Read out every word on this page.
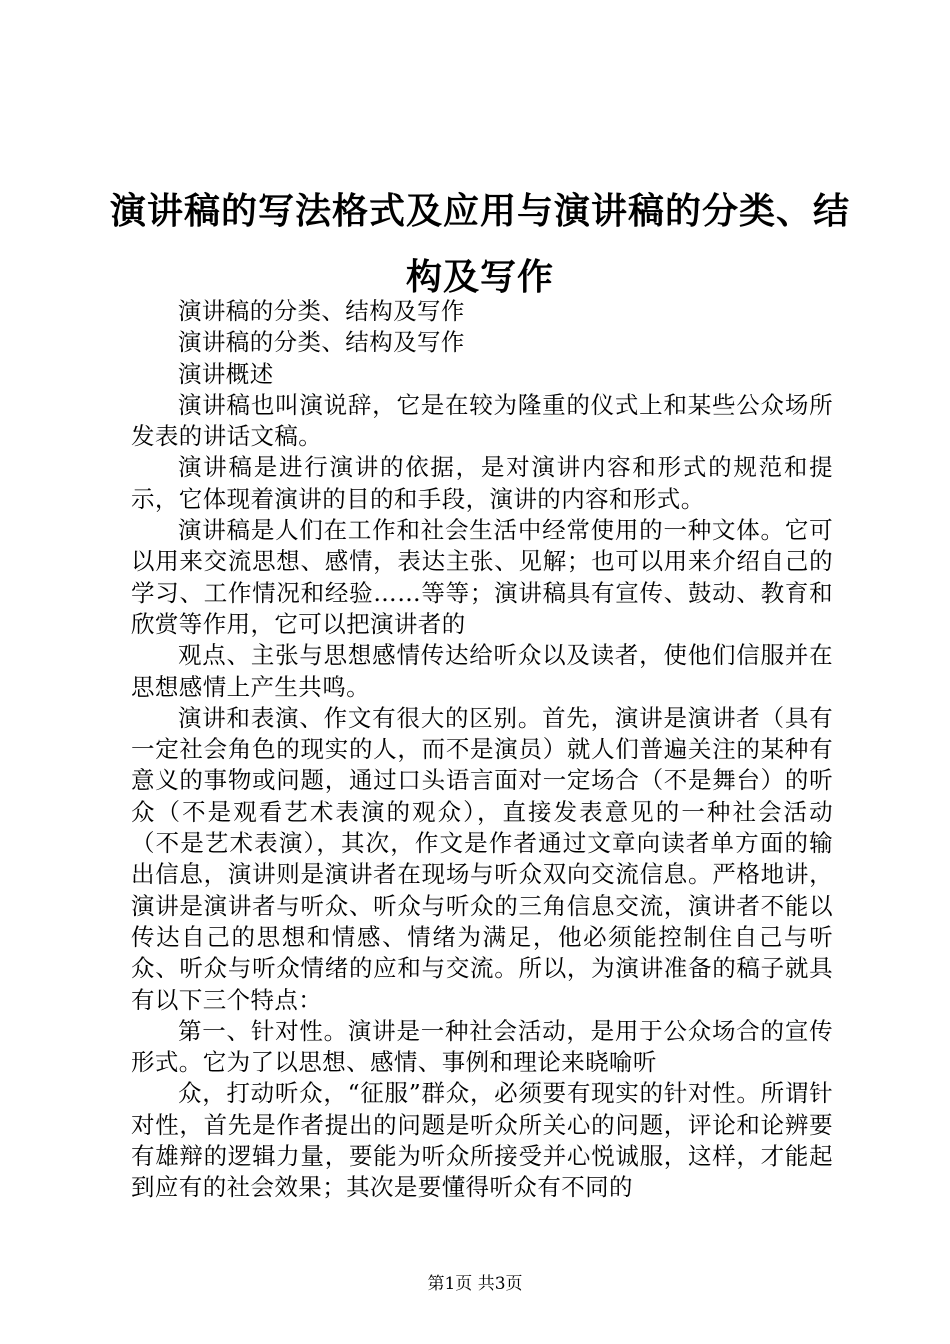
演讲稿的写法格式及应用与演讲稿的分类、结构及写作

演讲稿的分类、结构及写作

演讲稿的分类、结构及写作

演讲概述

演讲稿也叫演说辞，它是在较为隆重的仪式上和某些公众场所发表的讲话文稿。

演讲稿是进行演讲的依据，是对演讲内容和形式的规范和提示，它体现着演讲的目的和手段，演讲的内容和形式。

演讲稿是人们在工作和社会生活中经常使用的一种文体。它可以用来交流思想、感情，表达主张、见解；也可以用来介绍自己的学习、工作情况和经验……等等；演讲稿具有宣传、鼓动、教育和欣赏等作用，它可以把演讲者的

观点、主张与思想感情传达给听众以及读者，使他们信服并在思想感情上产生共鸣。

演讲和表演、作文有很大的区别。首先，演讲是演讲者（具有一定社会角色的现实的人，而不是演员）就人们普遍关注的某种有意义的事物或问题，通过口头语言面对一定场合（不是舞台）的听众（不是观看艺术表演的观众），直接发表意见的一种社会活动（不是艺术表演），其次，作文是作者通过文章向读者单方面的输出信息，演讲则是演讲者在现场与听众双向交流信息。严格地讲，演讲是演讲者与听众、听众与听众的三角信息交流，演讲者不能以传达自己的思想和情感、情绪为满足，他必须能控制住自己与听众、听众与听众情绪的应和与交流。所以，为演讲准备的稿子就具有以下三个特点：

第一、针对性。演讲是一种社会活动，是用于公众场合的宣传形式。它为了以思想、感情、事例和理论来晓喻听

众，打动听众，“征服”群众，必须要有现实的针对性。所谓针对性，首先是作者提出的问题是听众所关心的问题，评论和论辨要有雄辩的逻辑力量，要能为听众所接受并心悦诚服，这样，才能起到应有的社会效果；其次是要懂得听众有不同的

第1页 共3页
